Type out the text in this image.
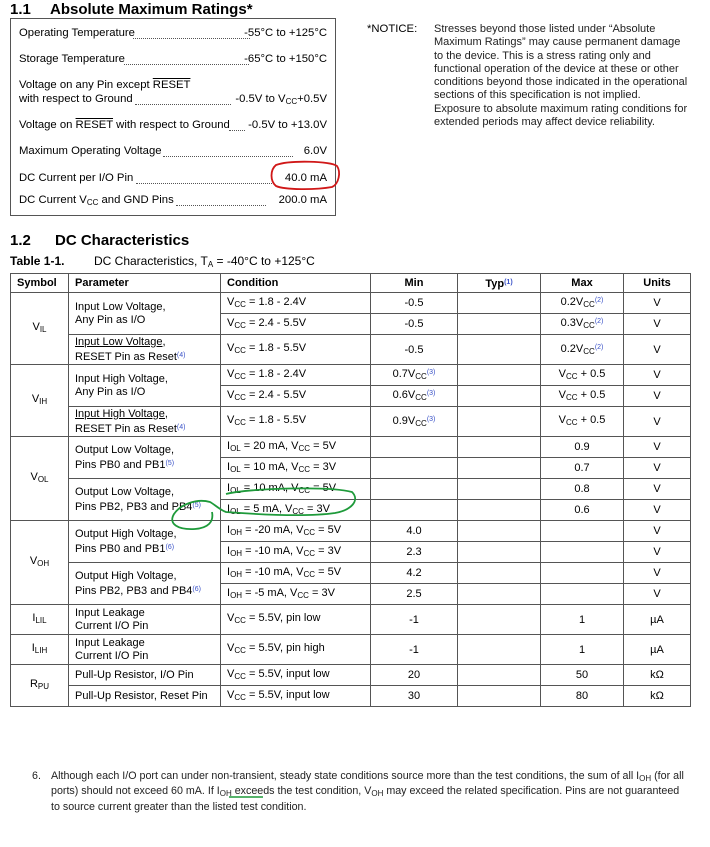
1.1 Absolute Maximum Ratings*
Operating Temperature	-55°C to +125°C
Storage Temperature	-65°C to +150°C
Voltage on any Pin except RESET
with respect to Ground	-0.5V to $V_{CC}+0.5V$
Voltage on RESET with respect to Ground -0.5V to +13.0V
Maximum Operating Voltage	6.0V
DC Current per I/O Pin	40.0 mA
DC Current $V_{CC}$ and GND Pins	200.0 mA
*NOTICE: Stresses beyond those listed under “Absolute Maximum Ratings” may cause permanent damage to the device. This is a stress rating only and functional operation of the device at these or other conditions beyond those indicated in the operational sections of this specification is not implied. Exposure to absolute maximum rating conditions for extended periods may affect device reliability.
1.2 DC Characteristics
Table 1-1. DC Characteristics, $T_A = -40^\circ C$ to +125°C
Symbol	Parameter	Condition	Min	Typ$^{(1)}$	Max	Units
$V_{IL}$	Input Low Voltage,
Any Pin as I/O	$V_{CC} = 1.8 - 2.4V$	-0.5		$0.2V_{CC}^{(2)}$	V
		$V_{CC} = 2.4 - 5.5V$	-0.5		$0.3V_{CC}^{(2)}$	V
	Input Low Voltage,
RESET Pin as Reset$^{(4)}$	$V_{CC} = 1.8 - 5.5V$	-0.5		$0.2V_{CC}^{(2)}$	V
$V_{IH}$	Input High Voltage,
Any Pin as I/O	$V_{CC} = 1.8 - 2.4V$	$0.7V_{CC}^{(3)}$		$V_{CC} + 0.5$	V
		$V_{CC} = 2.4 - 5.5V$	$0.6V_{CC}^{(3)}$		$V_{CC} + 0.5$	V
	Input High Voltage,
RESET Pin as Reset$^{(4)}$	$V_{CC} = 1.8 - 5.5V$	$0.9V_{CC}^{(3)}$		$V_{CC} + 0.5$	V
$V_{OL}$	Output Low Voltage,
Pins PB0 and PB1$^{(5)}$	$I_{OL} = 20$ mA, $V_{CC} = 5V$			0.9	V
		$I_{OL} = 10$ mA, $V_{CC} = 3V$			0.7	V
	Output Low Voltage,
Pins PB2, PB3 and PB4$^{(5)}$	$I_{OL} = 10$ mA, $V_{CC} = 5V$			0.8	V
		$I_{OL} = 5$ mA, $V_{CC} = 3V$			0.6	V
$V_{OH}$	Output High Voltage,
Pins PB0 and PB1$^{(6)}$	$I_{OH} = -20$ mA, $V_{CC} = 5V$	4.0			V
		$I_{OH} = -10$ mA, $V_{CC} = 3V$	2.3			V
	Output High Voltage,
Pins PB2, PB3 and PB4$^{(6)}$	$I_{OH} = -10$ mA, $V_{CC} = 5V$	4.2			V
		$I_{OH} = -5$ mA, $V_{CC} = 3V$	2.5			V
$I_{LIL}$	Input Leakage
Current I/O Pin	$V_{CC} = 5.5V$, pin low	-1		1	µA
$I_{LIH}$	Input Leakage
Current I/O Pin	$V_{CC} = 5.5V$, pin high	-1		1	µA
$R_{PU}$	Pull-Up Resistor, I/O Pin	$V_{CC} = 5.5V$, input low	20		50	kΩ
	Pull-Up Resistor, Reset Pin	$V_{CC} = 5.5V$, input low	30		80	kΩ
6. Although each I/O port can under non-transient, steady state conditions source more than the test conditions, the sum of all $I_{OH}$ (for all ports) should not exceed 60 mA. If $I_{OH}$ exceeds the test condition, $V_{OH}$ may exceed the related specification. Pins are not guaranteed to source current greater than the listed test condition.
